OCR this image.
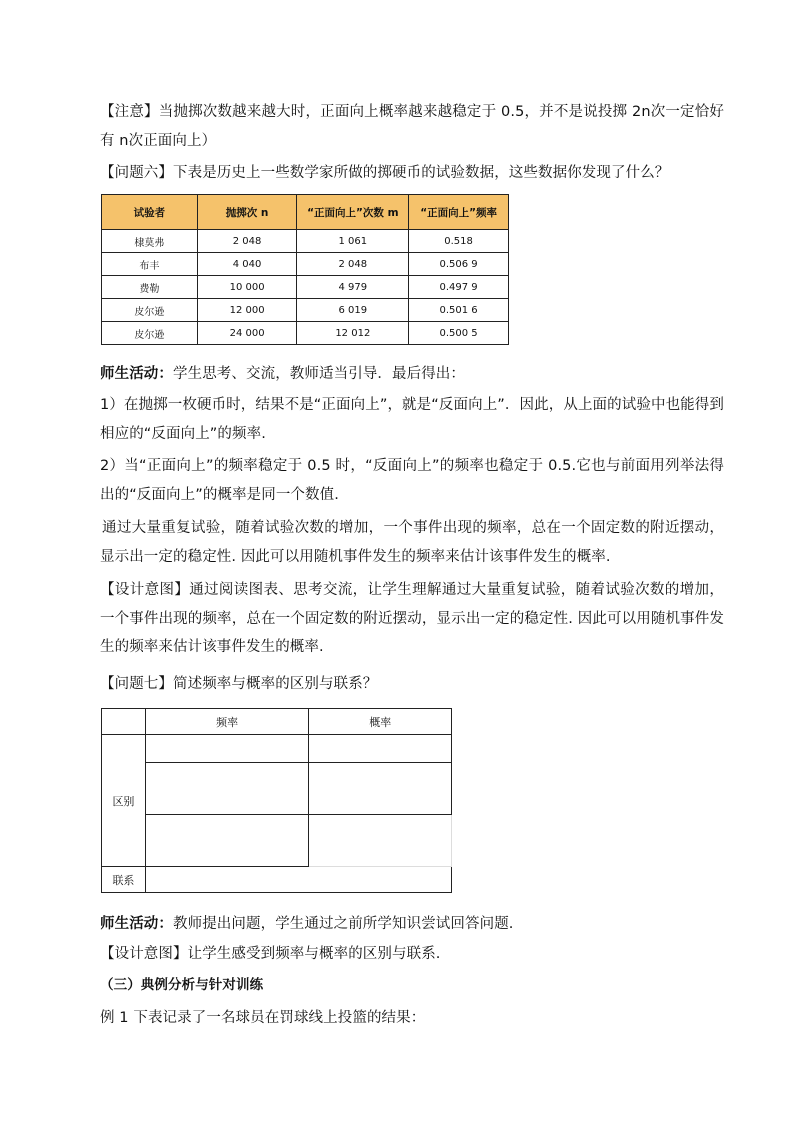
【注意】当抛掷次数越来越大时，正面向上概率越来越稳定于 0.5，并不是说投掷 2n次一定恰好有 n次正面向上）

【问题六】下表是历史上一些数学家所做的掷硬币的试验数据，这些数据你发现了什么？

试验者	抛掷次 n	“正面向上”次数 m	“正面向上”频率
棣莫弗	2 048	1 061	0.518
布丰	4 040	2 048	0.506 9
费勒	10 000	4 979	0.497 9
皮尔逊	12 000	6 019	0.501 6
皮尔逊	24 000	12 012	0.500 5

师生活动：学生思考、交流，教师适当引导．最后得出：

1）在抛掷一枚硬币时，结果不是“正面向上”，就是“反面向上”．因此，从上面的试验中也能得到相应的“反面向上”的频率.

2）当“正面向上”的频率稳定于 0.5 时，“反面向上”的频率也稳定于 0.5.它也与前面用列举法得出的“反面向上”的概率是同一个数值.

通过大量重复试验，随着试验次数的增加，一个事件出现的频率，总在一个固定数的附近摆动，显示出一定的稳定性. 因此可以用随机事件发生的频率来估计该事件发生的概率.

【设计意图】通过阅读图表、思考交流，让学生理解通过大量重复试验，随着试验次数的增加，一个事件出现的频率，总在一个固定数的附近摆动，显示出一定的稳定性. 因此可以用随机事件发生的频率来估计该事件发生的概率.

【问题七】简述频率与概率的区别与联系？

	频率	概率
区别		

联系		

师生活动：教师提出问题，学生通过之前所学知识尝试回答问题.

【设计意图】让学生感受到频率与概率的区别与联系.

（三）典例分析与针对训练

例 1 下表记录了一名球员在罚球线上投篮的结果：
